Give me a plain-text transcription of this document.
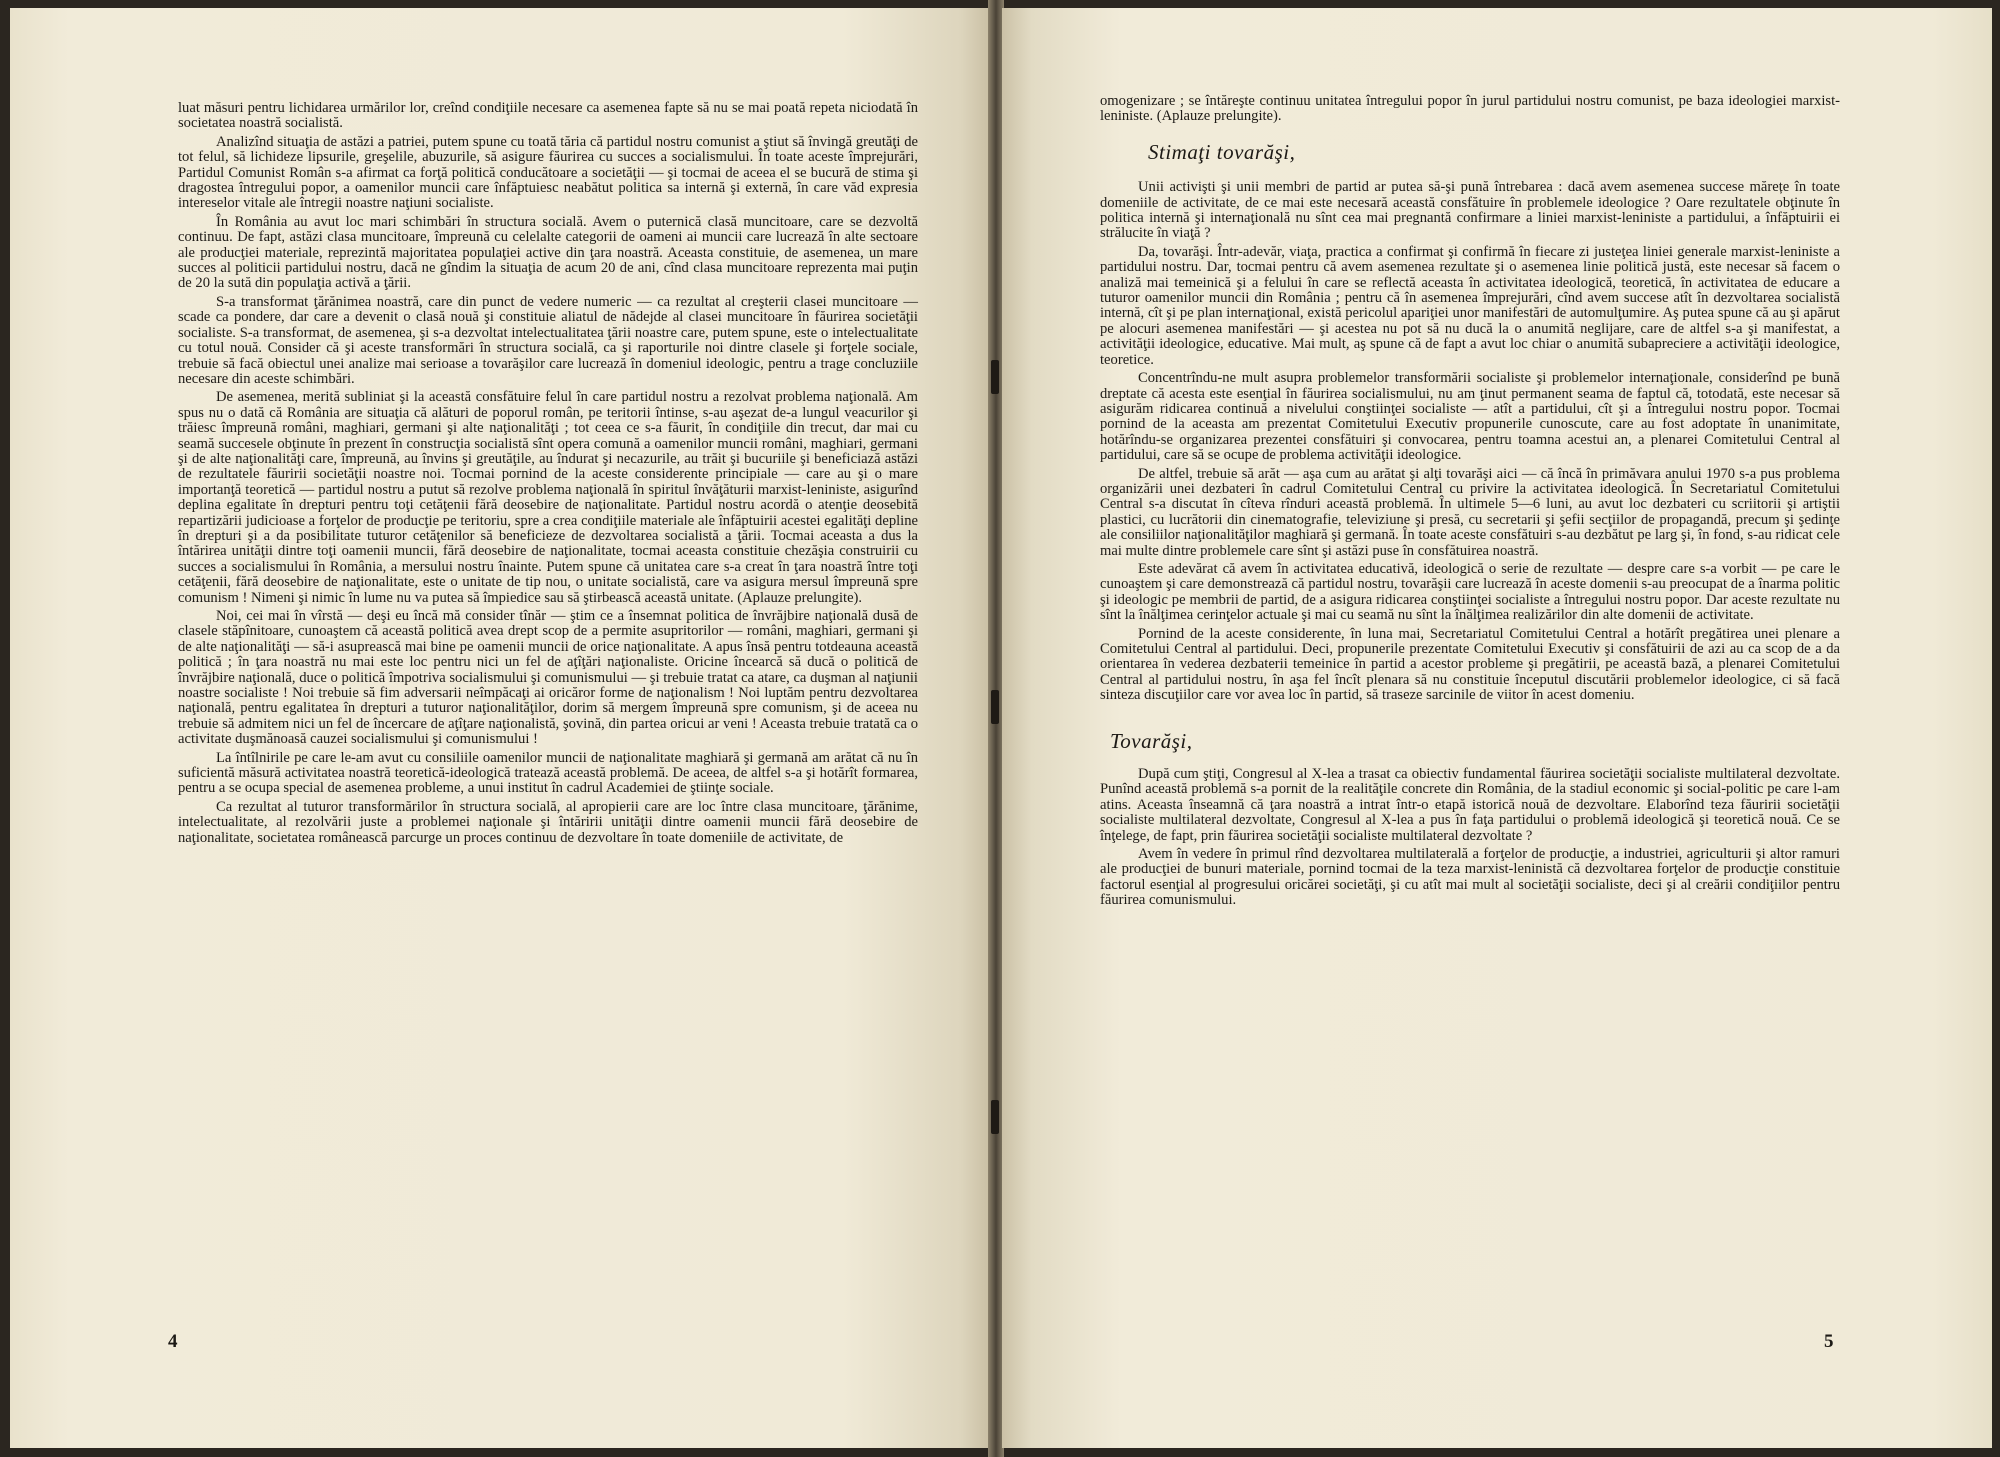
luat măsuri pentru lichidarea urmărilor lor, creînd condiţiile necesare ca asemenea fapte să nu se mai poată repeta niciodată în societatea noastră socialistă.

Analizînd situaţia de astăzi a patriei, putem spune cu toată tăria că partidul nostru comunist a ştiut să învingă greutăţi de tot felul, să lichideze lipsurile, greşelile, abuzurile, să asigure făurirea cu succes a socialismului. În toate aceste împrejurări, Partidul Comunist Român s-a afirmat ca forţă politică conducătoare a societăţii — şi tocmai de aceea el se bucură de stima şi dragostea întregului popor, a oamenilor muncii care înfăptuiesc neabătut politica sa internă şi externă, în care văd expresia intereselor vitale ale întregii noastre naţiuni socialiste.

În România au avut loc mari schimbări în structura socială. Avem o puternică clasă muncitoare, care se dezvoltă continuu. De fapt, astăzi clasa muncitoare, împreună cu celelalte categorii de oameni ai muncii care lucrează în alte sectoare ale producţiei materiale, reprezintă majoritatea populaţiei active din ţara noastră. Aceasta constituie, de asemenea, un mare succes al politicii partidului nostru, dacă ne gîndim la situaţia de acum 20 de ani, cînd clasa muncitoare reprezenta mai puţin de 20 la sută din populaţia activă a ţării.

S-a transformat ţărănimea noastră, care din punct de vedere numeric — ca rezultat al creşterii clasei muncitoare — scade ca pondere, dar care a devenit o clasă nouă şi constituie aliatul de nădejde al clasei muncitoare în făurirea societăţii socialiste. S-a transformat, de asemenea, şi s-a dezvoltat intelectualitatea ţării noastre care, putem spune, este o intelectualitate cu totul nouă. Consider că şi aceste transformări în structura socială, ca şi raporturile noi dintre clasele şi forţele sociale, trebuie să facă obiectul unei analize mai serioase a tovarăşilor care lucrează în domeniul ideologic, pentru a trage concluziile necesare din aceste schimbări.

De asemenea, merită subliniat şi la această consfătuire felul în care partidul nostru a rezolvat problema naţională. Am spus nu o dată că România are situaţia că alături de poporul român, pe teritorii întinse, s-au aşezat de-a lungul veacurilor şi trăiesc împreună români, maghiari, germani şi alte naţionalităţi ; tot ceea ce s-a făurit, în condiţiile din trecut, dar mai cu seamă succesele obţinute în prezent în construcţia socialistă sînt opera comună a oamenilor muncii români, maghiari, germani şi de alte naţionalităţi care, împreună, au învins şi greutăţile, au îndurat şi necazurile, au trăit şi bucuriile şi beneficiază astăzi de rezultatele făuririi societăţii noastre noi. Tocmai pornind de la aceste considerente principiale — care au şi o mare importanţă teoretică — partidul nostru a putut să rezolve problema naţională în spiritul învăţăturii marxist-leniniste, asigurînd deplina egalitate în drepturi pentru toţi cetăţenii fără deosebire de naţionalitate. Partidul nostru acordă o atenţie deosebită repartizării judicioase a forţelor de producţie pe teritoriu, spre a crea condiţiile materiale ale înfăptuirii acestei egalităţi depline în drepturi şi a da posibilitate tuturor cetăţenilor să beneficieze de dezvoltarea socialistă a ţării. Tocmai aceasta a dus la întărirea unităţii dintre toţi oamenii muncii, fără deosebire de naţionalitate, tocmai aceasta constituie chezăşia construirii cu succes a socialismului în România, a mersului nostru înainte. Putem spune că unitatea care s-a creat în ţara noastră între toţi cetăţenii, fără deosebire de naţionalitate, este o unitate de tip nou, o unitate socialistă, care va asigura mersul împreună spre comunism ! Nimeni şi nimic în lume nu va putea să împiedice sau să ştirbească această unitate. (Aplauze prelungite).

Noi, cei mai în vîrstă — deşi eu încă mă consider tînăr — ştim ce a însemnat politica de învrăjbire naţională dusă de clasele stăpînitoare, cunoaştem că această politică avea drept scop de a permite asupritorilor — români, maghiari, germani şi de alte naţionalităţi — să-i asuprească mai bine pe oamenii muncii de orice naţionalitate. A apus însă pentru totdeauna această politică ; în ţara noastră nu mai este loc pentru nici un fel de aţîţări naţionaliste. Oricine încearcă să ducă o politică de învrăjbire naţională, duce o politică împotriva socialismului şi comunismului — şi trebuie tratat ca atare, ca duşman al naţiunii noastre socialiste ! Noi trebuie să fim adversarii neîmpăcaţi ai oricăror forme de naţionalism ! Noi luptăm pentru dezvoltarea naţională, pentru egalitatea în drepturi a tuturor naţionalităţilor, dorim să mergem împreună spre comunism, şi de aceea nu trebuie să admitem nici un fel de încercare de aţîţare naţionalistă, şovină, din partea oricui ar veni ! Aceasta trebuie tratată ca o activitate duşmănoasă cauzei socialismului şi comunismului !

La întîlnirile pe care le-am avut cu consiliile oamenilor muncii de naţionalitate maghiară şi germană am arătat că nu în suficientă măsură activitatea noastră teoretică-ideologică tratează această problemă. De aceea, de altfel s-a şi hotărît formarea, pentru a se ocupa special de asemenea probleme, a unui institut în cadrul Academiei de ştiinţe sociale.

Ca rezultat al tuturor transformărilor în structura socială, al apropierii care are loc între clasa muncitoare, ţărănime, intelectualitate, al rezolvării juste a problemei naţionale şi întăririi unităţii dintre oamenii muncii fără deosebire de naţionalitate, societatea românească parcurge un proces continuu de dezvoltare în toate domeniile de activitate, de

4

omogenizare ; se întăreşte continuu unitatea întregului popor în jurul partidului nostru comunist, pe baza ideologiei marxist-leniniste. (Aplauze prelungite).

Stimaţi tovarăşi,

Unii activişti şi unii membri de partid ar putea să-şi pună întrebarea : dacă avem asemenea succese mărețe în toate domeniile de activitate, de ce mai este necesară această consfătuire în problemele ideologice ? Oare rezultatele obţinute în politica internă şi internaţională nu sînt cea mai pregnantă confirmare a liniei marxist-leniniste a partidului, a înfăptuirii ei strălucite în viaţă ?

Da, tovarăşi. Într-adevăr, viaţa, practica a confirmat şi confirmă în fiecare zi justeţea liniei generale marxist-leniniste a partidului nostru. Dar, tocmai pentru că avem asemenea rezultate şi o asemenea linie politică justă, este necesar să facem o analiză mai temeinică şi a felului în care se reflectă aceasta în activitatea ideologică, teoretică, în activitatea de educare a tuturor oamenilor muncii din România ; pentru că în asemenea împrejurări, cînd avem succese atît în dezvoltarea socialistă internă, cît şi pe plan internaţional, există pericolul apariţiei unor manifestări de automulţumire. Aş putea spune că au şi apărut pe alocuri asemenea manifestări — şi acestea nu pot să nu ducă la o anumită neglijare, care de altfel s-a şi manifestat, a activităţii ideologice, educative. Mai mult, aş spune că de fapt a avut loc chiar o anumită subapreciere a activităţii ideologice, teoretice.

Concentrîndu-ne mult asupra problemelor transformării socialiste şi problemelor internaţionale, considerînd pe bună dreptate că acesta este esenţial în făurirea socialismului, nu am ţinut permanent seama de faptul că, totodată, este necesar să asigurăm ridicarea continuă a nivelului conştiinţei socialiste — atît a partidului, cît şi a întregului nostru popor. Tocmai pornind de la aceasta am prezentat Comitetului Executiv propunerile cunoscute, care au fost adoptate în unanimitate, hotărîndu-se organizarea prezentei consfătuiri şi convocarea, pentru toamna acestui an, a plenarei Comitetului Central al partidului, care să se ocupe de problema activităţii ideologice.

De altfel, trebuie să arăt — aşa cum au arătat şi alţi tovarăşi aici — că încă în primăvara anului 1970 s-a pus problema organizării unei dezbateri în cadrul Comitetului Central cu privire la activitatea ideologică. În Secretariatul Comitetului Central s-a discutat în cîteva rînduri această problemă. În ultimele 5—6 luni, au avut loc dezbateri cu scriitorii şi artiştii plastici, cu lucrătorii din cinematografie, televiziune şi presă, cu secretarii şi şefii secţiilor de propagandă, precum şi şedinţe ale consiliilor naţionalităţilor maghiară şi germană. În toate aceste consfătuiri s-au dezbătut pe larg şi, în fond, s-au ridicat cele mai multe dintre problemele care sînt şi astăzi puse în consfătuirea noastră.

Este adevărat că avem în activitatea educativă, ideologică o serie de rezultate — despre care s-a vorbit — pe care le cunoaştem şi care demonstrează că partidul nostru, tovarăşii care lucrează în aceste domenii s-au preocupat de a înarma politic şi ideologic pe membrii de partid, de a asigura ridicarea conştiinţei socialiste a întregului nostru popor. Dar aceste rezultate nu sînt la înălţimea cerinţelor actuale şi mai cu seamă nu sînt la înălţimea realizărilor din alte domenii de activitate.

Pornind de la aceste considerente, în luna mai, Secretariatul Comitetului Central a hotărît pregătirea unei plenare a Comitetului Central al partidului. Deci, propunerile prezentate Comitetului Executiv şi consfătuirii de azi au ca scop de a da orientarea în vederea dezbaterii temeinice în partid a acestor probleme şi pregătirii, pe această bază, a plenarei Comitetului Central al partidului nostru, în aşa fel încît plenara să nu constituie începutul discutării problemelor ideologice, ci să facă sinteza discuţiilor care vor avea loc în partid, să traseze sarcinile de viitor în acest domeniu.

Tovarăşi,

După cum ştiţi, Congresul al X-lea a trasat ca obiectiv fundamental făurirea societăţii socialiste multilateral dezvoltate. Punînd această problemă s-a pornit de la realităţile concrete din România, de la stadiul economic şi social-politic pe care l-am atins. Aceasta înseamnă că ţara noastră a intrat într-o etapă istorică nouă de dezvoltare. Elaborînd teza făuririi societăţii socialiste multilateral dezvoltate, Congresul al X-lea a pus în faţa partidului o problemă ideologică şi teoretică nouă. Ce se înţelege, de fapt, prin făurirea societăţii socialiste multilateral dezvoltate ?

Avem în vedere în primul rînd dezvoltarea multilaterală a forţelor de producţie, a industriei, agriculturii şi altor ramuri ale producţiei de bunuri materiale, pornind tocmai de la teza marxist-leninistă că dezvoltarea forţelor de producţie constituie factorul esenţial al progresului oricărei societăţi, şi cu atît mai mult al societăţii socialiste, deci şi al creării condiţiilor pentru făurirea comunismului.

5
